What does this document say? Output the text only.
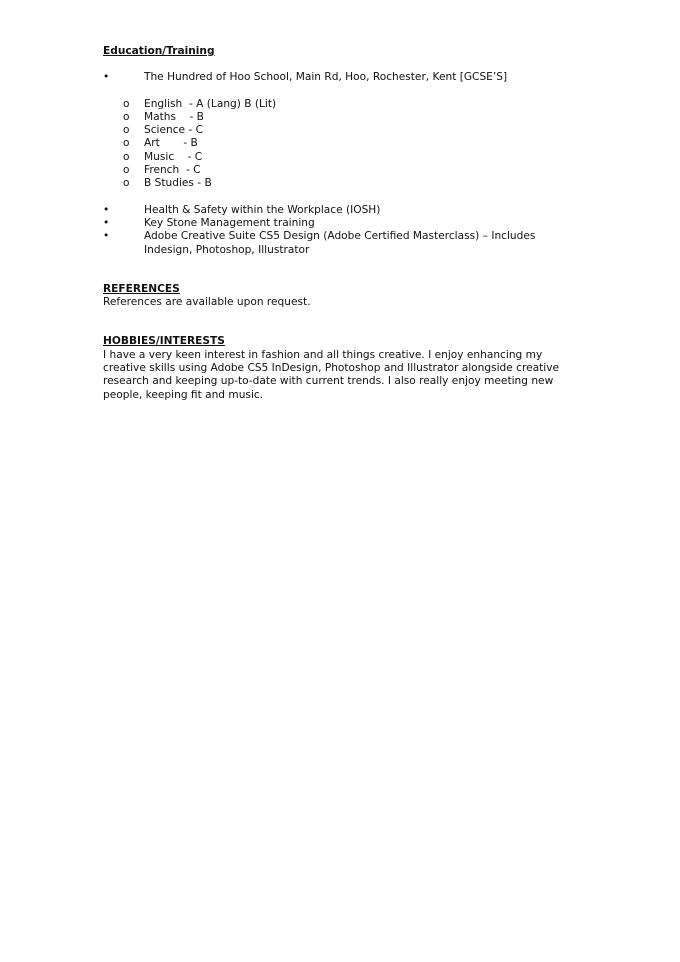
Education/Training
•	The Hundred of Hoo School, Main Rd, Hoo, Rochester, Kent [GCSE’S]
o English  - A (Lang) B (Lit)
o Maths    - B
o Science - C
o Art       - B
o Music    - C
o French  - C
o B Studies - B
•	Health & Safety within the Workplace (IOSH)
•	Key Stone Management training
•	Adobe Creative Suite CS5 Design (Adobe Certified Masterclass) – Includes Indesign, Photoshop, Illustrator
REFERENCES

References are available upon request.

HOBBIES/INTERESTS

I have a very keen interest in fashion and all things creative. I enjoy enhancing my creative skills using Adobe CS5 InDesign, Photoshop and Illustrator alongside creative research and keeping up-to-date with current trends. I also really enjoy meeting new people, keeping fit and music.
